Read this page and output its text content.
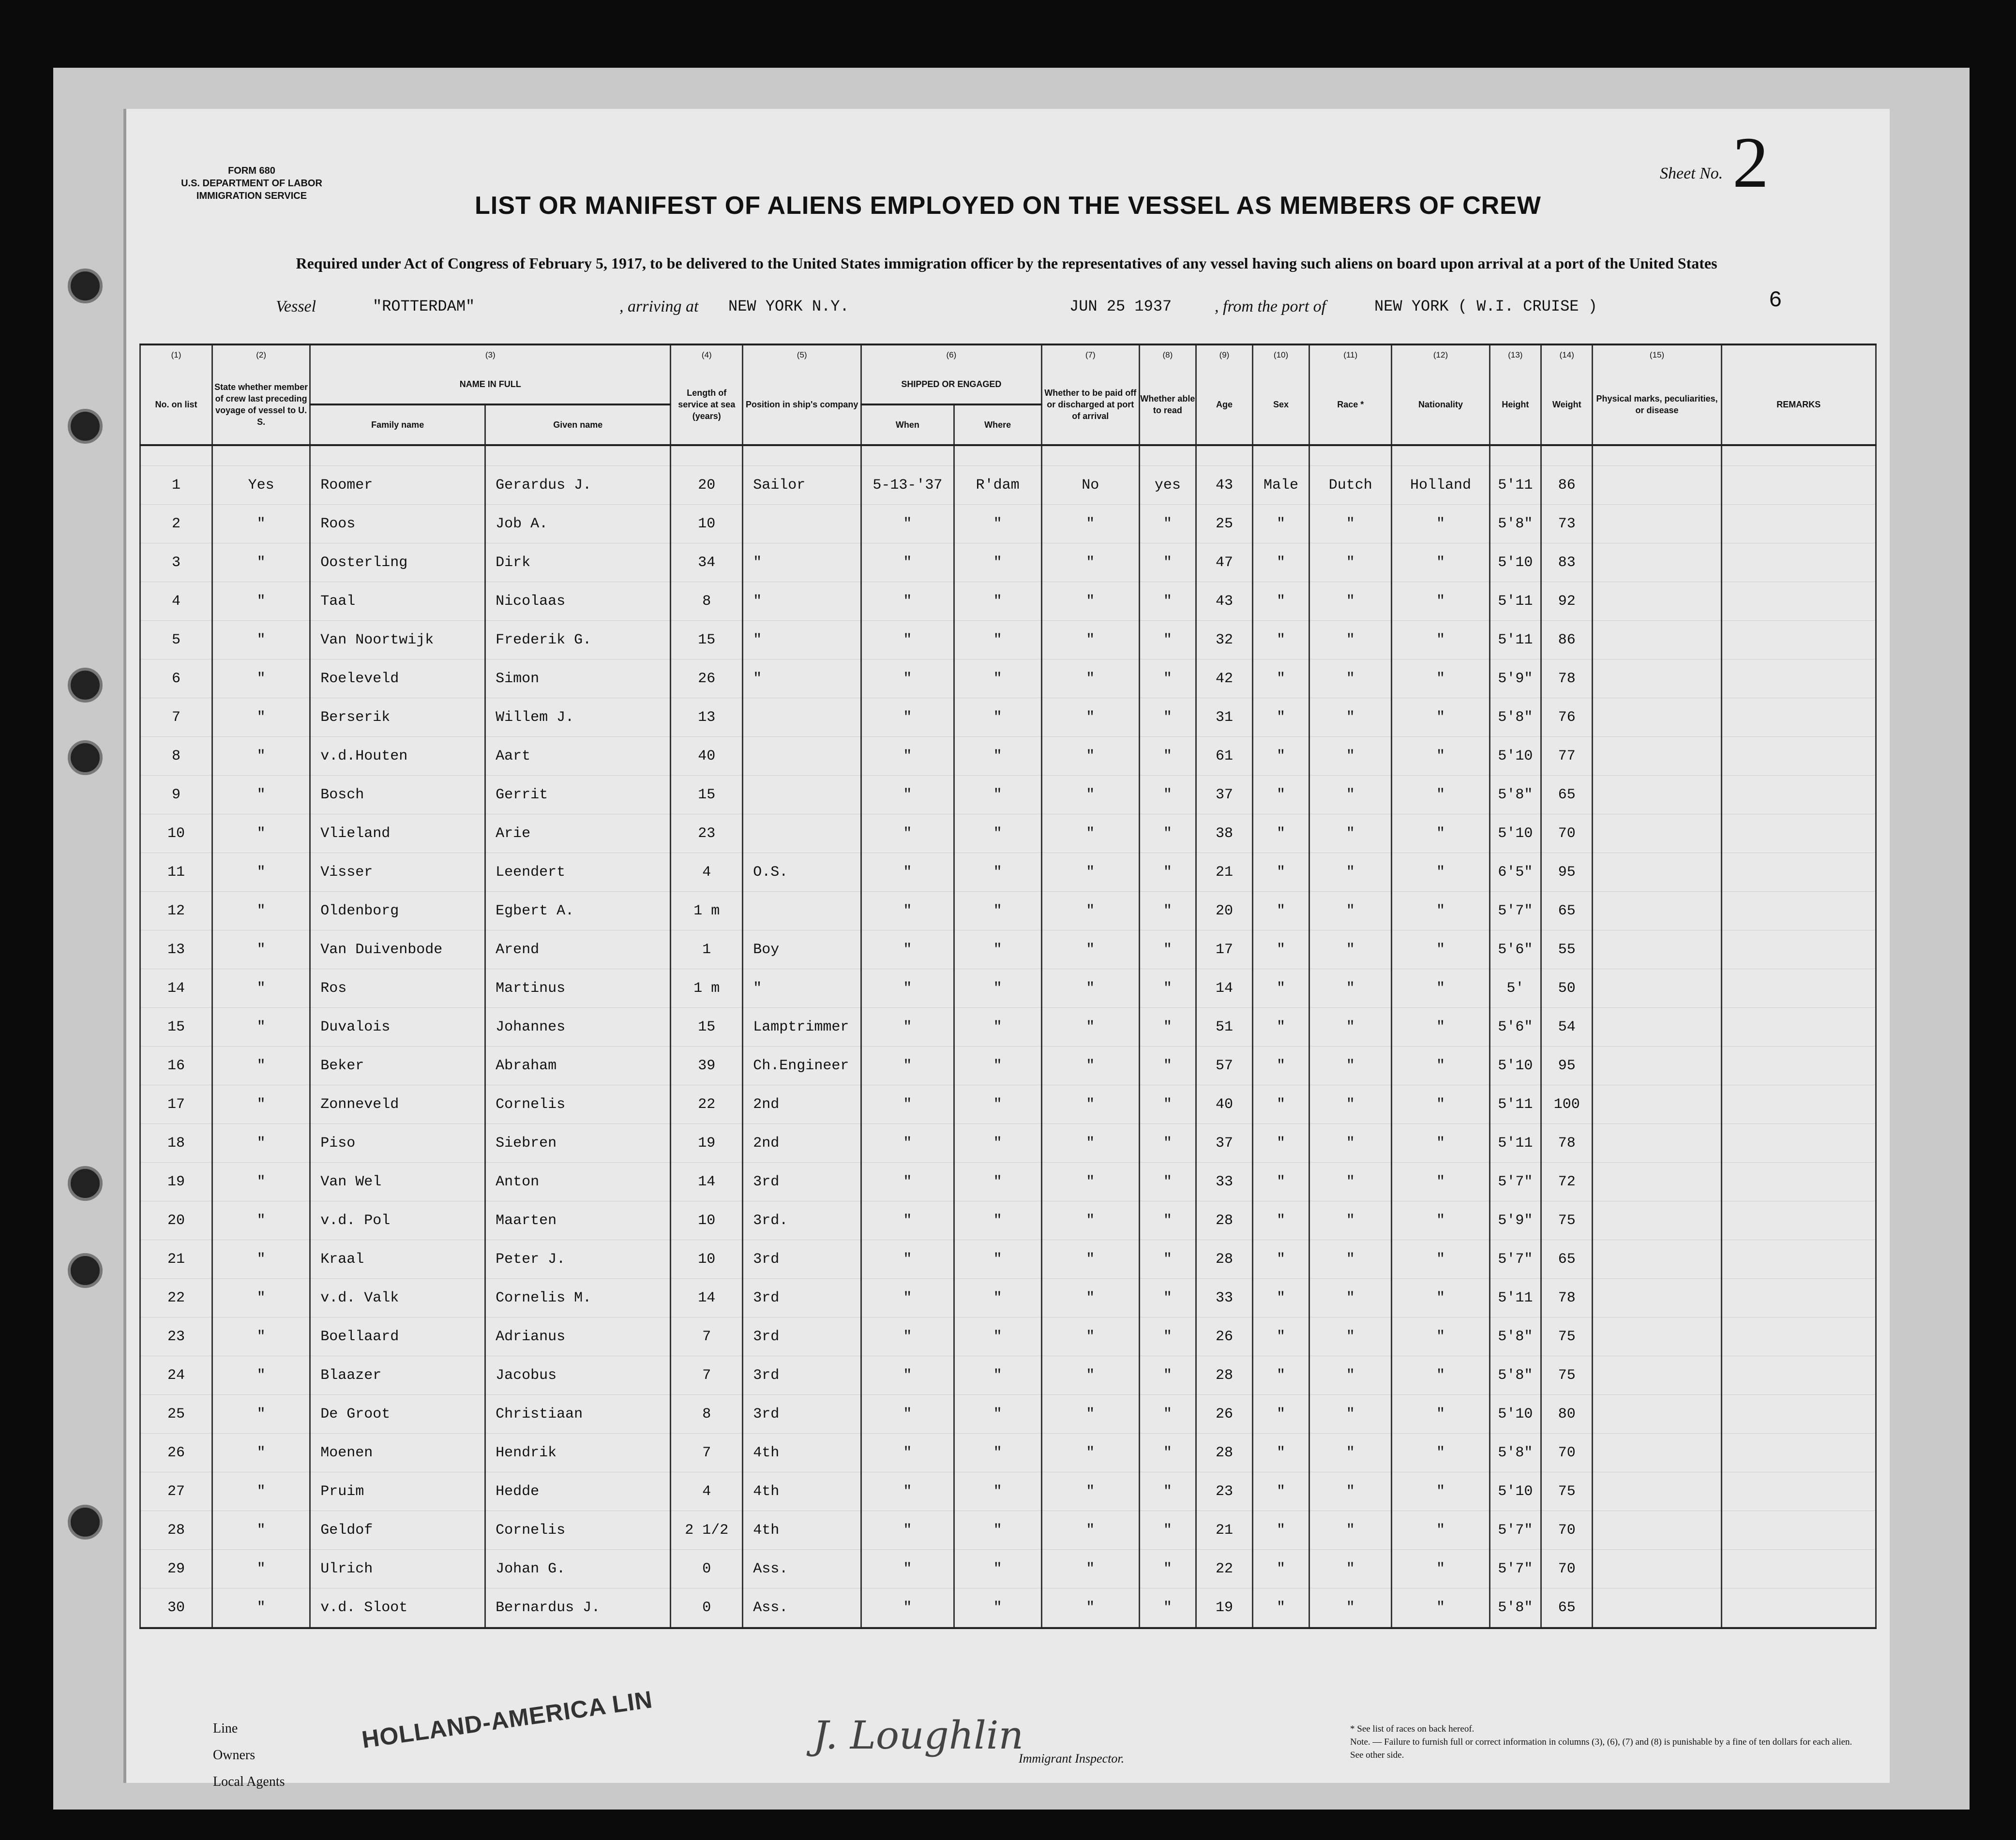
FORM 680
U.S. DEPARTMENT OF LABOR
IMMIGRATION SERVICE
Sheet No. 2
LIST OR MANIFEST OF ALIENS EMPLOYED ON THE VESSEL AS MEMBERS OF CREW
Required under Act of Congress of February 5, 1917, to be delivered to the United States immigration officer by the representatives of any vessel having such aliens on board upon arrival at a port of the United States
Vessel	"ROTTERDAM"	, arriving at NEW YORK N.Y.	JUN 25 1937	, from the port of	NEW YORK ( W.I. CRUISE )	6
(1)	(2)	(3)		(4)	(5)	(6)		(7)	(8)	(9)	(10)	(11)	(12)	(13)	(14)	(15)	
No. on list	State whether member of crew last preceding voyage of vessel to U. S.	NAME IN FULL		Length of service at sea (years)	Position in ship's company	SHIPPED OR ENGAGED		Whether to be paid off or discharged at port of arrival	Whether able to read	Age	Sex	Race *	Nationality	Height	Weight	Physical marks, peculiarities, or disease	REMARKS
		Family name	Given name			When	Where										

1	Yes	Roomer	Gerardus J.	20	Sailor	5-13-'37	R'dam	No	yes	43	Male	Dutch	Holland	5'11	86		
2	"	Roos	Job A.	10		"	"	"	"	25	"	"	"	5'8"	73		
3	"	Oosterling	Dirk	34	"	"	"	"	"	47	"	"	"	5'10	83		
4	"	Taal	Nicolaas	8	"	"	"	"	"	43	"	"	"	5'11	92		
5	"	Van Noortwijk	Frederik G.	15	"	"	"	"	"	32	"	"	"	5'11	86		
6	"	Roeleveld	Simon	26	"	"	"	"	"	42	"	"	"	5'9"	78		
7	"	Berserik	Willem J.	13		"	"	"	"	31	"	"	"	5'8"	76		
8	"	v.d.Houten	Aart	40		"	"	"	"	61	"	"	"	5'10	77		
9	"	Bosch	Gerrit	15		"	"	"	"	37	"	"	"	5'8"	65		
10	"	Vlieland	Arie	23		"	"	"	"	38	"	"	"	5'10	70		
11	"	Visser	Leendert	4	O.S.	"	"	"	"	21	"	"	"	6'5"	95		
12	"	Oldenborg	Egbert A.	1 m		"	"	"	"	20	"	"	"	5'7"	65		
13	"	Van Duivenbode	Arend	1	Boy	"	"	"	"	17	"	"	"	5'6"	55		
14	"	Ros	Martinus	1 m	"	"	"	"	"	14	"	"	"	5'	50		
15	"	Duvalois	Johannes	15	Lamptrimmer	"	"	"	"	51	"	"	"	5'6"	54		
16	"	Beker	Abraham	39	Ch.Engineer	"	"	"	"	57	"	"	"	5'10	95		
17	"	Zonneveld	Cornelis	22	2nd	"	"	"	"	40	"	"	"	5'11	100		
18	"	Piso	Siebren	19	2nd	"	"	"	"	37	"	"	"	5'11	78		
19	"	Van Wel	Anton	14	3rd	"	"	"	"	33	"	"	"	5'7"	72		
20	"	v.d. Pol	Maarten	10	3rd.	"	"	"	"	28	"	"	"	5'9"	75		
21	"	Kraal	Peter J.	10	3rd	"	"	"	"	28	"	"	"	5'7"	65		
22	"	v.d. Valk	Cornelis M.	14	3rd	"	"	"	"	33	"	"	"	5'11	78		
23	"	Boellaard	Adrianus	7	3rd	"	"	"	"	26	"	"	"	5'8"	75		
24	"	Blaazer	Jacobus	7	3rd	"	"	"	"	28	"	"	"	5'8"	75		
25	"	De Groot	Christiaan	8	3rd	"	"	"	"	26	"	"	"	5'10	80		
26	"	Moenen	Hendrik	7	4th	"	"	"	"	28	"	"	"	5'8"	70		
27	"	Pruim	Hedde	4	4th	"	"	"	"	23	"	"	"	5'10	75		
28	"	Geldof	Cornelis	2 1/2	4th	"	"	"	"	21	"	"	"	5'7"	70		
29	"	Ulrich	Johan G.	0	Ass.	"	"	"	"	22	"	"	"	5'7"	70		
30	"	v.d. Sloot	Bernardus J.	0	Ass.	"	"	"	"	19	"	"	"	5'8"	65		

Line
Owners
Local Agents
HOLLAND-AMERICA LIN	J. Loughlin
Immigrant Inspector.
* See list of races on back hereof.
Note. — Failure to furnish full or correct information in columns (3), (6), (7) and (8) is punishable by a fine of ten dollars for each alien. See other side.
